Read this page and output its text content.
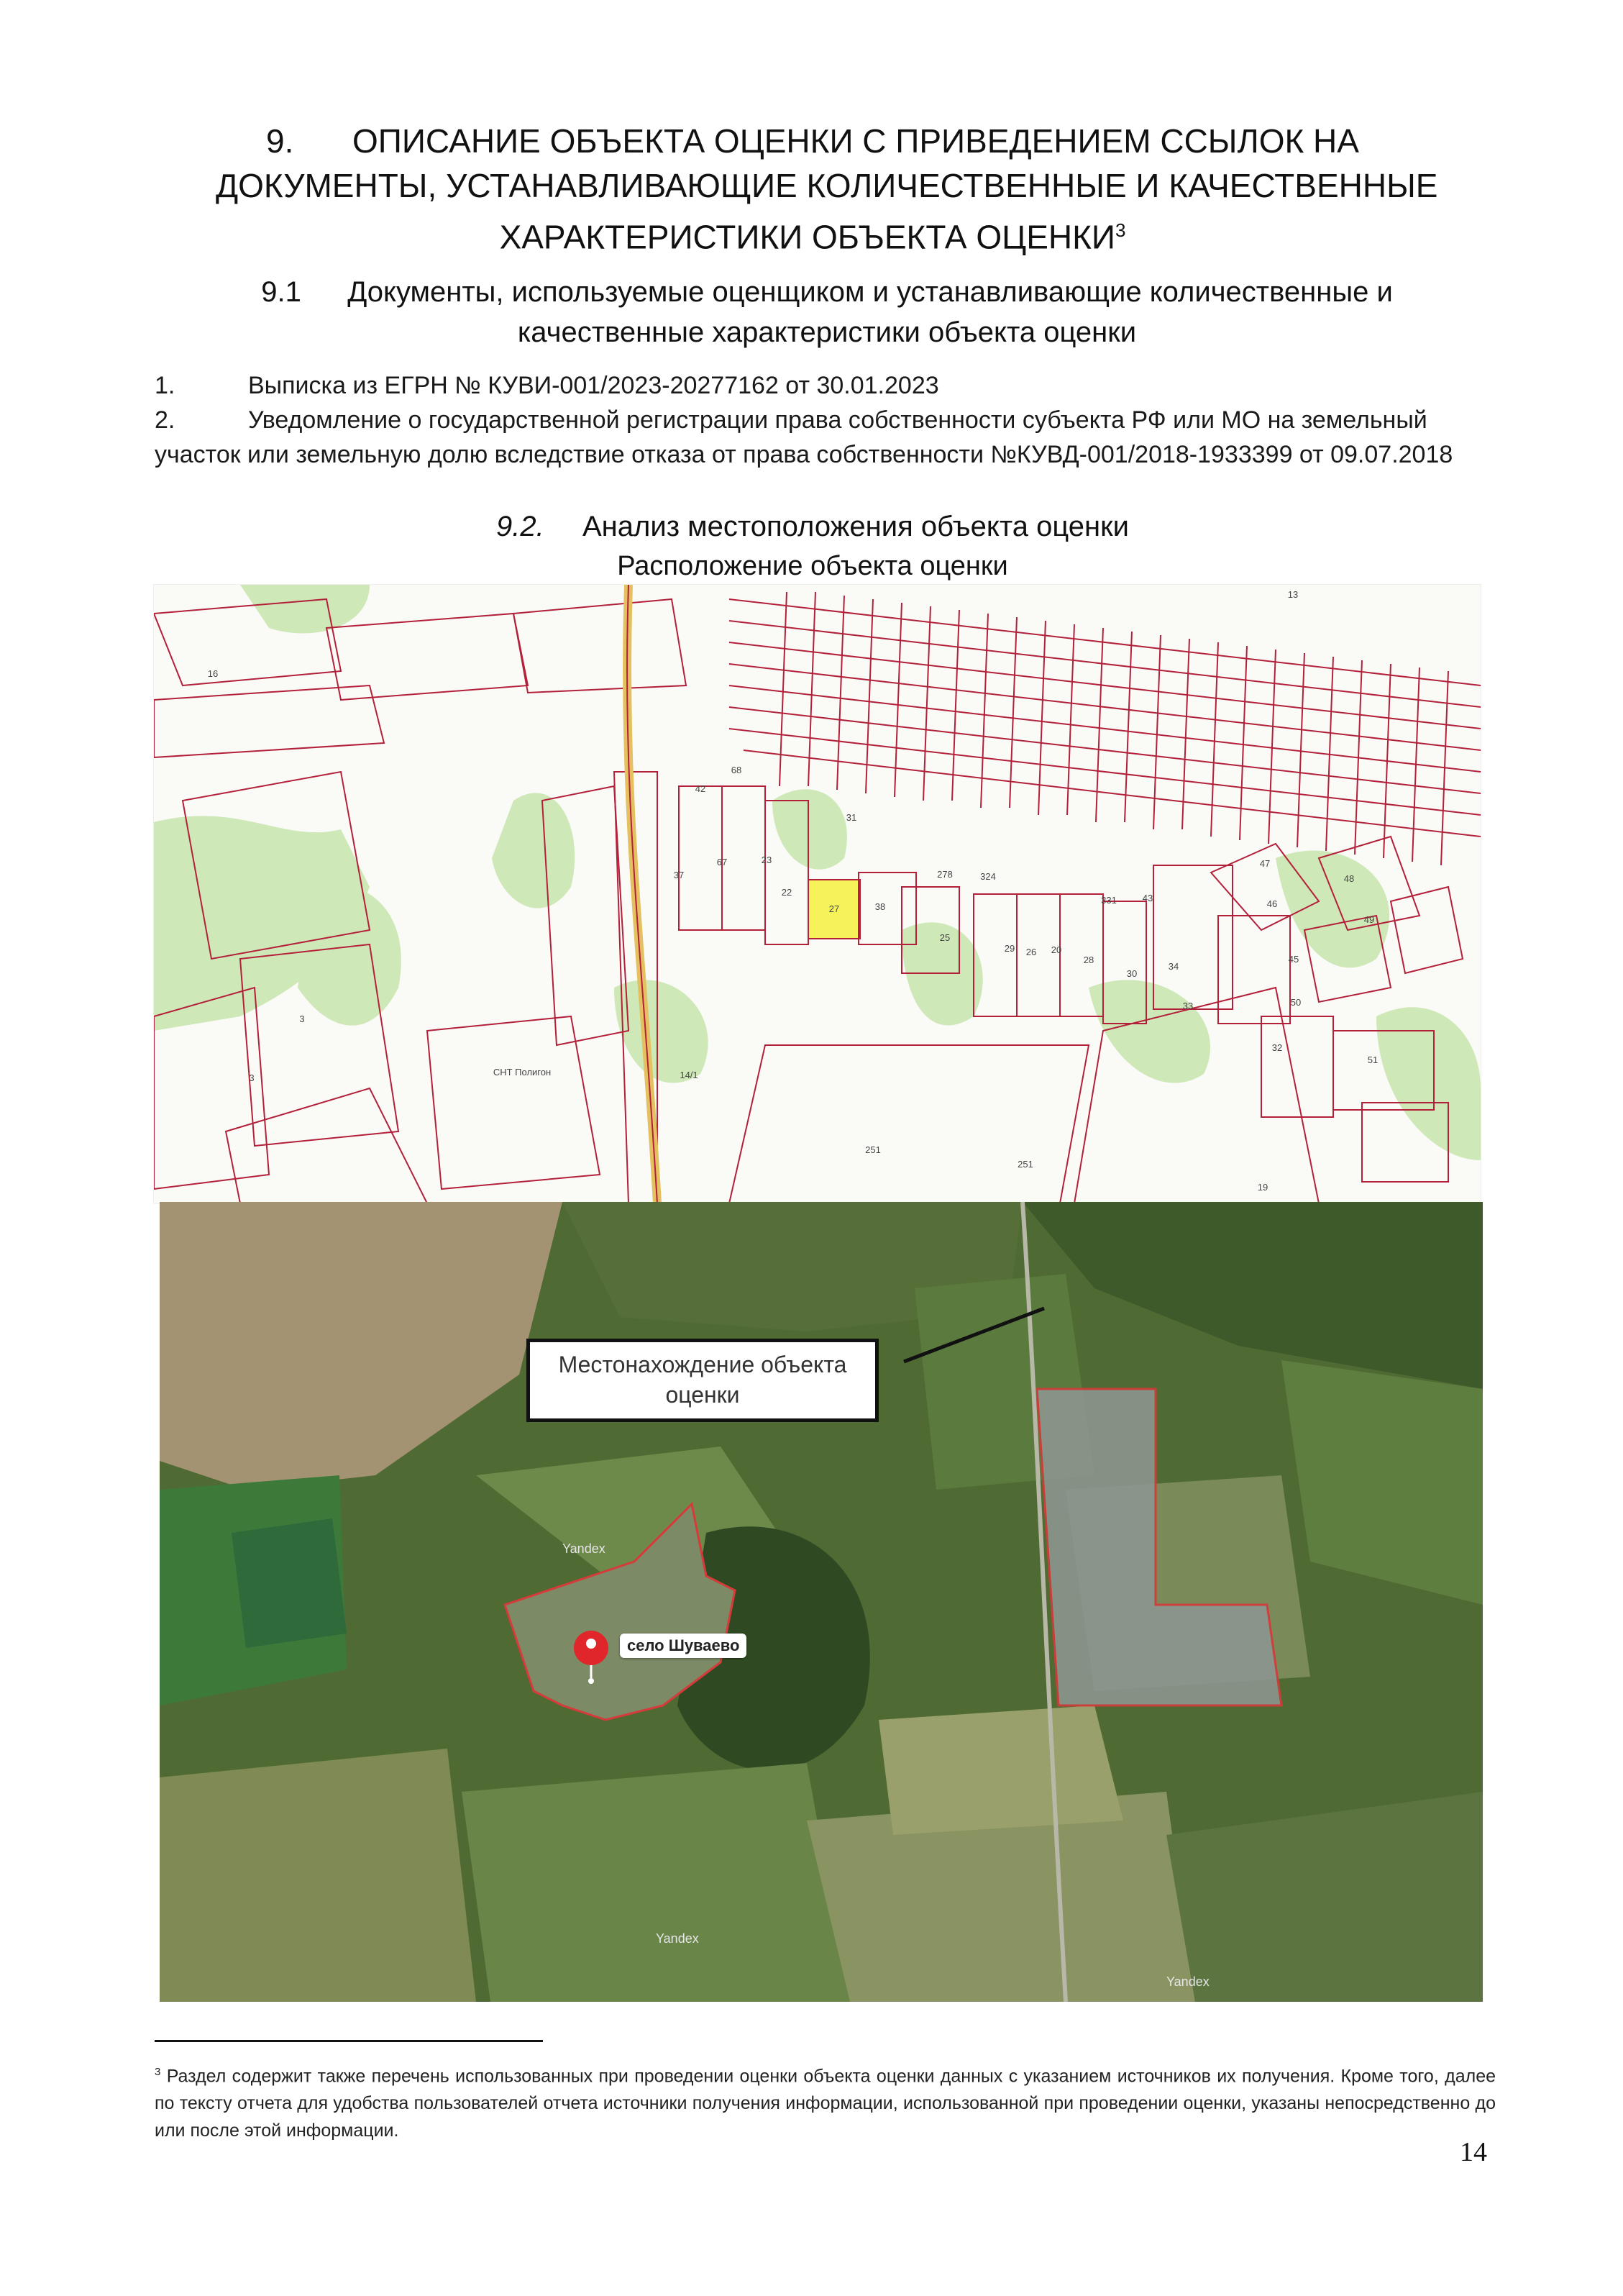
9. ОПИСАНИЕ ОБЪЕКТА ОЦЕНКИ С ПРИВЕДЕНИЕМ ССЫЛОК НА
ДОКУМЕНТЫ, УСТАНАВЛИВАЮЩИЕ КОЛИЧЕСТВЕННЫЕ И КАЧЕСТВЕННЫЕ
ХАРАКТЕРИСТИКИ ОБЪЕКТА ОЦЕНКИ$^3$
9.1 Документы, используемые оценщиком и устанавливающие количественные и
качественные характеристики объекта оценки
1.	Выписка из ЕГРН № КУВИ-001/2023-20277162 от 30.01.2023
2.	Уведомление о государственной регистрации права собственности субъекта РФ или МО на земельный участок или земельную долю вследствие отказа от права собственности №КУВД-001/2018-1933399 от 09.07.2018
9.2. Анализ местоположения объекта оценки
Расположение объекта оценки
27
22
38
31
25
29 26 20
28
30
34
33
331	43
47
48
46
49
45
50
32
51
251
251
19
13
16
3
3
37
42
67
68
23
278	324
14/1
СНТ Полигон
Yandex
Yandex
Yandex
Местонахождение объекта
оценки
село Шуваево
$^3$ Раздел содержит также перечень использованных при проведении оценки объекта оценки данных с указанием источников их получения. Кроме того, далее по тексту отчета для удобства пользователей отчета источники получения информации, использованной при проведении оценки, указаны непосредственно до или после этой информации.
14
